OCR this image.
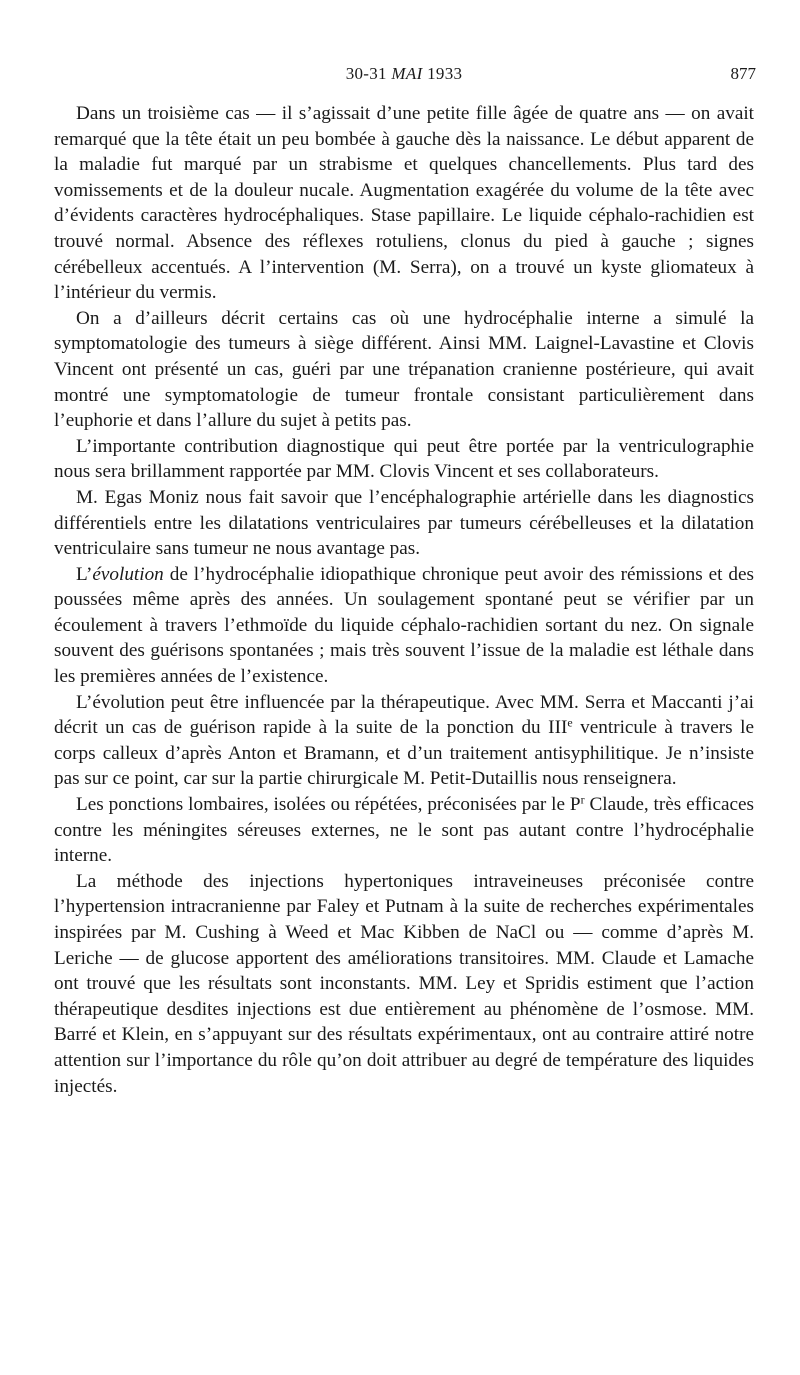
30-31 MAI 1933	877

Dans un troisième cas — il s’agissait d’une petite fille âgée de quatre ans — on avait remarqué que la tête était un peu bombée à gauche dès la naissance. Le début apparent de la maladie fut marqué par un strabisme et quelques chancellements. Plus tard des vomissements et de la douleur nucale. Augmentation exagérée du volume de la tête avec d’évidents caractères hydrocéphaliques. Stase papillaire. Le liquide céphalo-rachidien est trouvé normal. Absence des réflexes rotuliens, clonus du pied à gauche ; signes cérébelleux accentués. A l’intervention (M. Serra), on a trouvé un kyste gliomateux à l’intérieur du vermis.

On a d’ailleurs décrit certains cas où une hydrocéphalie interne a simulé la symptomatologie des tumeurs à siège différent. Ainsi MM. Laignel-Lavastine et Clovis Vincent ont présenté un cas, guéri par une trépanation cranienne postérieure, qui avait montré une symptomatologie de tumeur frontale consistant particulièrement dans l’euphorie et dans l’allure du sujet à petits pas.

L’importante contribution diagnostique qui peut être portée par la ventriculographie nous sera brillamment rapportée par MM. Clovis Vincent et ses collaborateurs.

M. Egas Moniz nous fait savoir que l’encéphalographie artérielle dans les diagnostics différentiels entre les dilatations ventriculaires par tumeurs cérébelleuses et la dilatation ventriculaire sans tumeur ne nous avantage pas.

L’évolution de l’hydrocéphalie idiopathique chronique peut avoir des rémissions et des poussées même après des années. Un soulagement spontané peut se vérifier par un écoulement à travers l’ethmoïde du liquide céphalo-rachidien sortant du nez. On signale souvent des guérisons spontanées ; mais très souvent l’issue de la maladie est léthale dans les premières années de l’existence.

L’évolution peut être influencée par la thérapeutique. Avec MM. Serra et Maccanti j’ai décrit un cas de guérison rapide à la suite de la ponction du IIIe ventricule à travers le corps calleux d’après Anton et Bramann, et d’un traitement antisyphilitique. Je n’insiste pas sur ce point, car sur la partie chirurgicale M. Petit-Dutaillis nous renseignera.

Les ponctions lombaires, isolées ou répétées, préconisées par le $P^r$ Claude, très efficaces contre les méningites séreuses externes, ne le sont pas autant contre l’hydrocéphalie interne.

La méthode des injections hypertoniques intraveineuses préconisée contre l’hypertension intracranienne par Faley et Putnam à la suite de recherches expérimentales inspirées par M. Cushing à Weed et Mac Kibben de NaCl ou — comme d’après M. Leriche — de glucose apportent des améliorations transitoires. MM. Claude et Lamache ont trouvé que les résultats sont inconstants. MM. Ley et Spridis estiment que l’action thérapeutique desdites injections est due entièrement au phénomène de l’osmose. MM. Barré et Klein, en s’appuyant sur des résultats expérimentaux, ont au contraire attiré notre attention sur l’importance du rôle qu’on doit attribuer au degré de température des liquides injectés.
